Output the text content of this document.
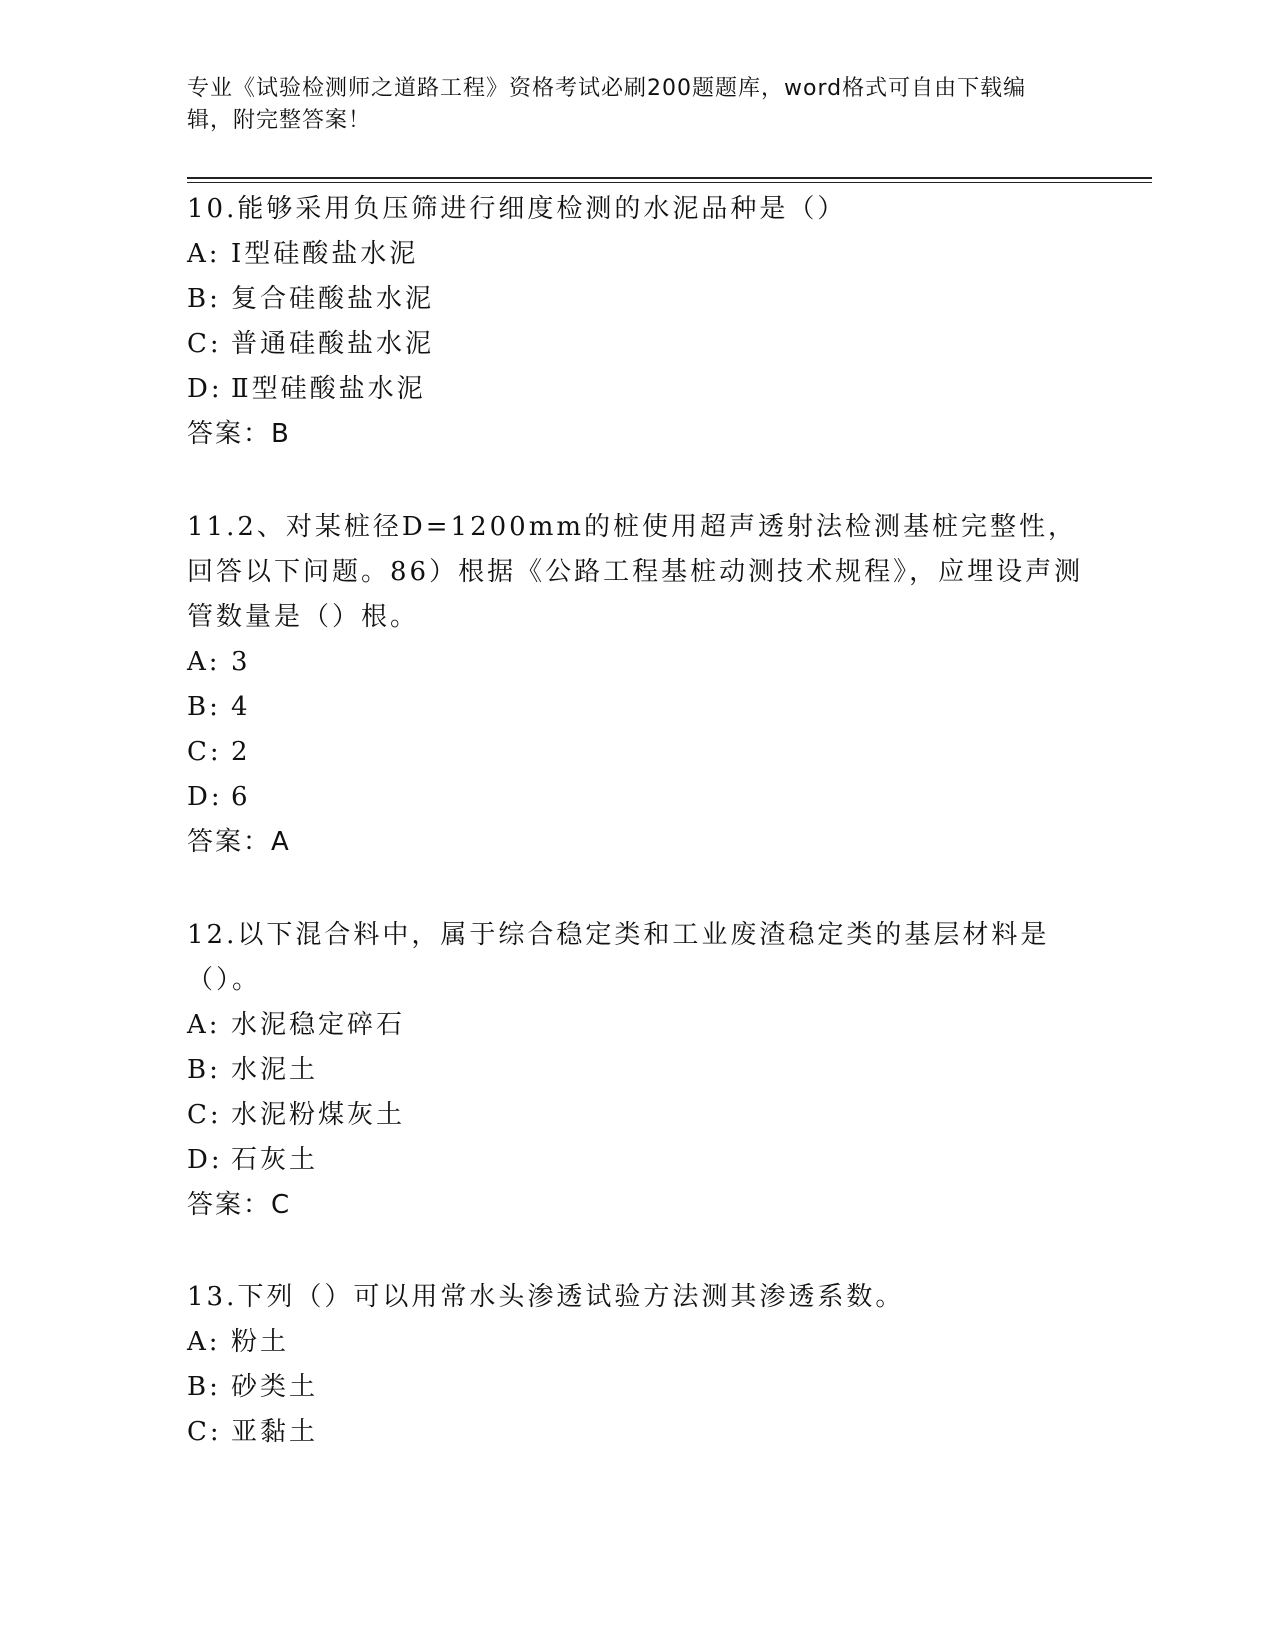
专业《试验检测师之道路工程》资格考试必刷200题题库，word格式可自由下载编辑，附完整答案！

10.能够采用负压筛进行细度检测的水泥品种是（）

A: Ⅰ型硅酸盐水泥

B: 复合硅酸盐水泥

C: 普通硅酸盐水泥

D: Ⅱ型硅酸盐水泥

答案：B

11.2、对某桩径D=1200mm的桩使用超声透射法检测基桩完整性，回答以下问题。86）根据《公路工程基桩动测技术规程》，应埋设声测管数量是（）根。

A: 3

B: 4

C: 2

D: 6

答案：A

12.以下混合料中，属于综合稳定类和工业废渣稳定类的基层材料是（）。

A: 水泥稳定碎石

B: 水泥土

C: 水泥粉煤灰土

D: 石灰土

答案：C

13.下列（）可以用常水头渗透试验方法测其渗透系数。

A: 粉土

B: 砂类土

C: 亚黏土
